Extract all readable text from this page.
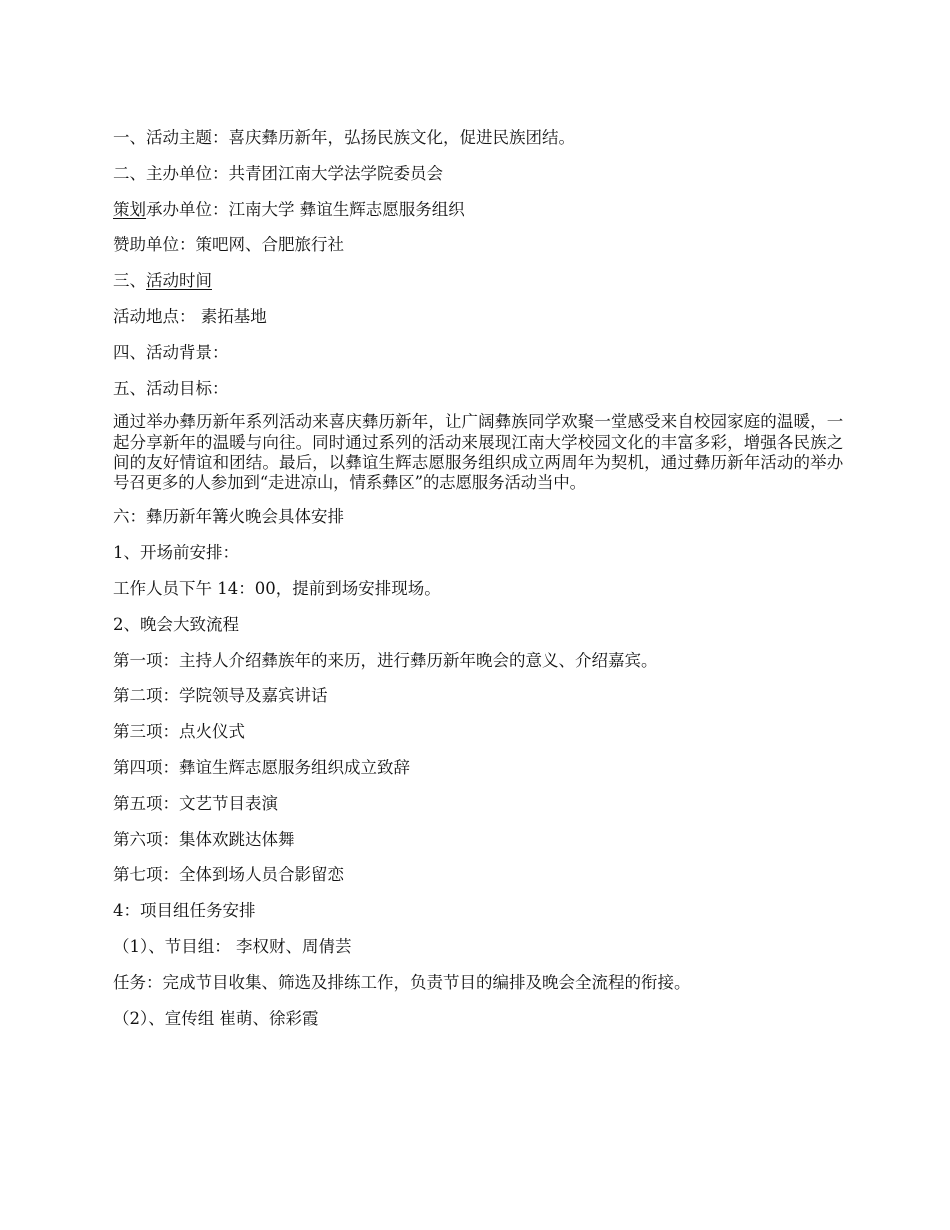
一、活动主题：喜庆彝历新年，弘扬民族文化，促进民族团结。
二、主办单位：共青团江南大学法学院委员会
策划承办单位：江南大学 彝谊生辉志愿服务组织
赞助单位：策吧网、合肥旅行社
三、活动时间
活动地点： 素拓基地
四、活动背景：
五、活动目标：
通过举办彝历新年系列活动来喜庆彝历新年，让广阔彝族同学欢聚一堂感受来自校园家庭的温暖，一起分享新年的温暖与向往。同时通过系列的活动来展现江南大学校园文化的丰富多彩，增强各民族之间的友好情谊和团结。最后，以彝谊生辉志愿服务组织成立两周年为契机，通过彝历新年活动的举办号召更多的人参加到“走进凉山，情系彝区”的志愿服务活动当中。
六：彝历新年篝火晚会具体安排
1、开场前安排：
工作人员下午 14：00，提前到场安排现场。
2、晚会大致流程
第一项：主持人介绍彝族年的来历，进行彝历新年晚会的意义、介绍嘉宾。
第二项：学院领导及嘉宾讲话
第三项：点火仪式
第四项：彝谊生辉志愿服务组织成立致辞
第五项：文艺节目表演
第六项：集体欢跳达体舞
第七项：全体到场人员合影留恋
4：项目组任务安排
（1）、节目组： 李权财、周倩芸
任务：完成节目收集、筛选及排练工作，负责节目的编排及晚会全流程的衔接。
（2）、宣传组 崔萌、徐彩霞
